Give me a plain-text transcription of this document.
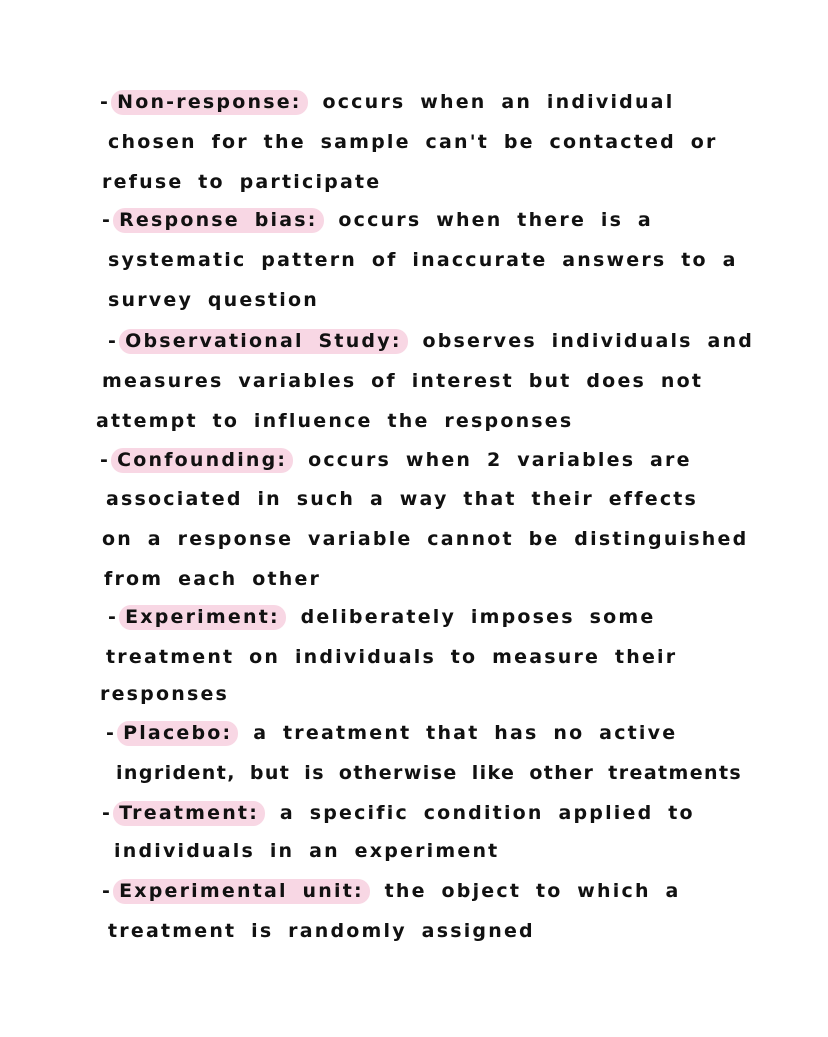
- Non-response: occurs when an individual
chosen for the sample can't be contacted or
refuse to participate
- Response bias: occurs when there is a
systematic pattern of inaccurate answers to a
survey question
- Observational Study: observes individuals and
measures variables of interest but does not
attempt to influence the responses
- Confounding: occurs when 2 variables are
associated in such a way that their effects
on a response variable cannot be distinguished
from each other
- Experiment: deliberately imposes some
treatment on individuals to measure their
responses
- Placebo: a treatment that has no active
ingrident, but is otherwise like other treatments
- Treatment: a specific condition applied to
individuals in an experiment
- Experimental unit: the object to which a
treatment is randomly assigned
